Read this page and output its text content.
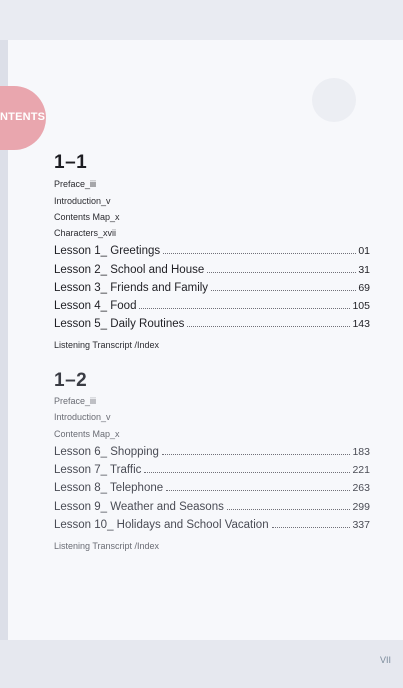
NTENTS
1–1
Preface_iii
Introduction_v
Contents Map_x
Characters_xvii
Lesson 1_ Greetings	01
Lesson 2_ School and House	31
Lesson 3_ Friends and Family	69
Lesson 4_ Food	105
Lesson 5_ Daily Routines	143
Listening Transcript /Index
1–2
Preface_iii
Introduction_v
Contents Map_x
Lesson 6_ Shopping	183
Lesson 7_ Traffic	221
Lesson 8_ Telephone	263
Lesson 9_ Weather and Seasons	299
Lesson 10_ Holidays and School Vacation	337
Listening Transcript /Index
VII
